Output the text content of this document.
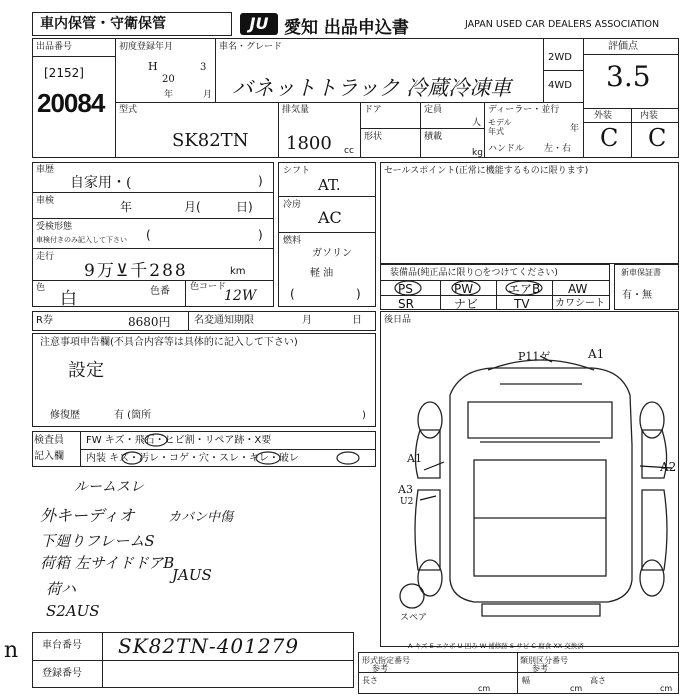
車内保管・守衛保管	JU 愛知 出品申込書	JAPAN USED CAR DEALERS ASSOCIATION
出品番号
[2152]
20084
初度登録年月
H
20
年
3
月
車名・グレード
バネットトラック 冷蔵冷凍車
2WD
4WD
評価点
3.5
外装	内装
C C
型式
SK82TN
排気量
1800 cc
ドア
形状
定員
人
積載
kg
ディーラー・並行
モデル
年式	年
ハンドル 左・右
車歴
自家用・(	)
車検	年	月(	日)
受検形態
車検付きのみ記入して下さい (	)
走行
9万⊻千288	km
色
白	色番 色コード
12W
シフト
AT.
冷房
AC
燃料
ガソリン
軽 油
(	)
セールスポイント(正常に機能するものに限ります)
装備品(純正品に限り○をつけてください)
PS	PW	エアB AW
SR	ナビ	TV	カワシート
新車保証書
有・無
R券	8680円 名変通知期限	月	日
注意事項申告欄(不具合内容等は具体的に記入して下さい)
設定
修復歴	有 (箇所	)
検査員
記入欄
FW キズ・飛石・ヒビ割・リペア跡・X要
内装 キズ・汚レ・コゲ・穴・スレ・キレ・破レ
ルームスレ
外キーディオ	カバン中傷
下廻りフレームS
荷箱 左サイドドアB
JAUS
荷ハ
S2AUS
後日品
P11ゲ	A1
A1
A3
U2
A2
スペア
A-キズ E-エクボ U-凹み W-補修跡 S-サビ C-腐食 XX-交換済
n 車台番号 SK82TN-401279
登録番号
形式指定番号
参考
類別区分番号
参考
長さ
cm
幅
cm
高さ
cm
